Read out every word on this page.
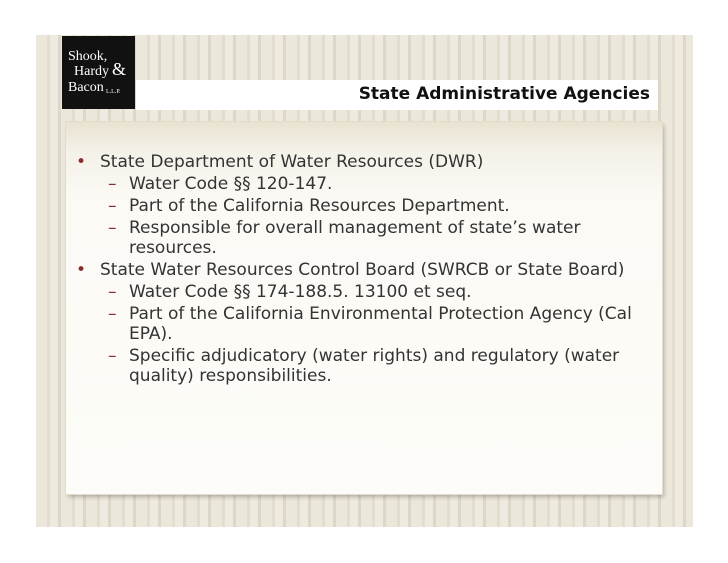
Shook,
Hardy &
Bacon L.L.P.	State Administrative Agencies
• State Department of Water Resources (DWR)
– Water Code §§ 120-147.
– Part of the California Resources Department.
– Responsible for overall management of state’s water resources.
• State Water Resources Control Board (SWRCB or State Board)
– Water Code §§ 174-188.5. 13100 et seq.
– Part of the California Environmental Protection Agency (Cal EPA).
– Specific adjudicatory (water rights) and regulatory (water quality) responsibilities.
